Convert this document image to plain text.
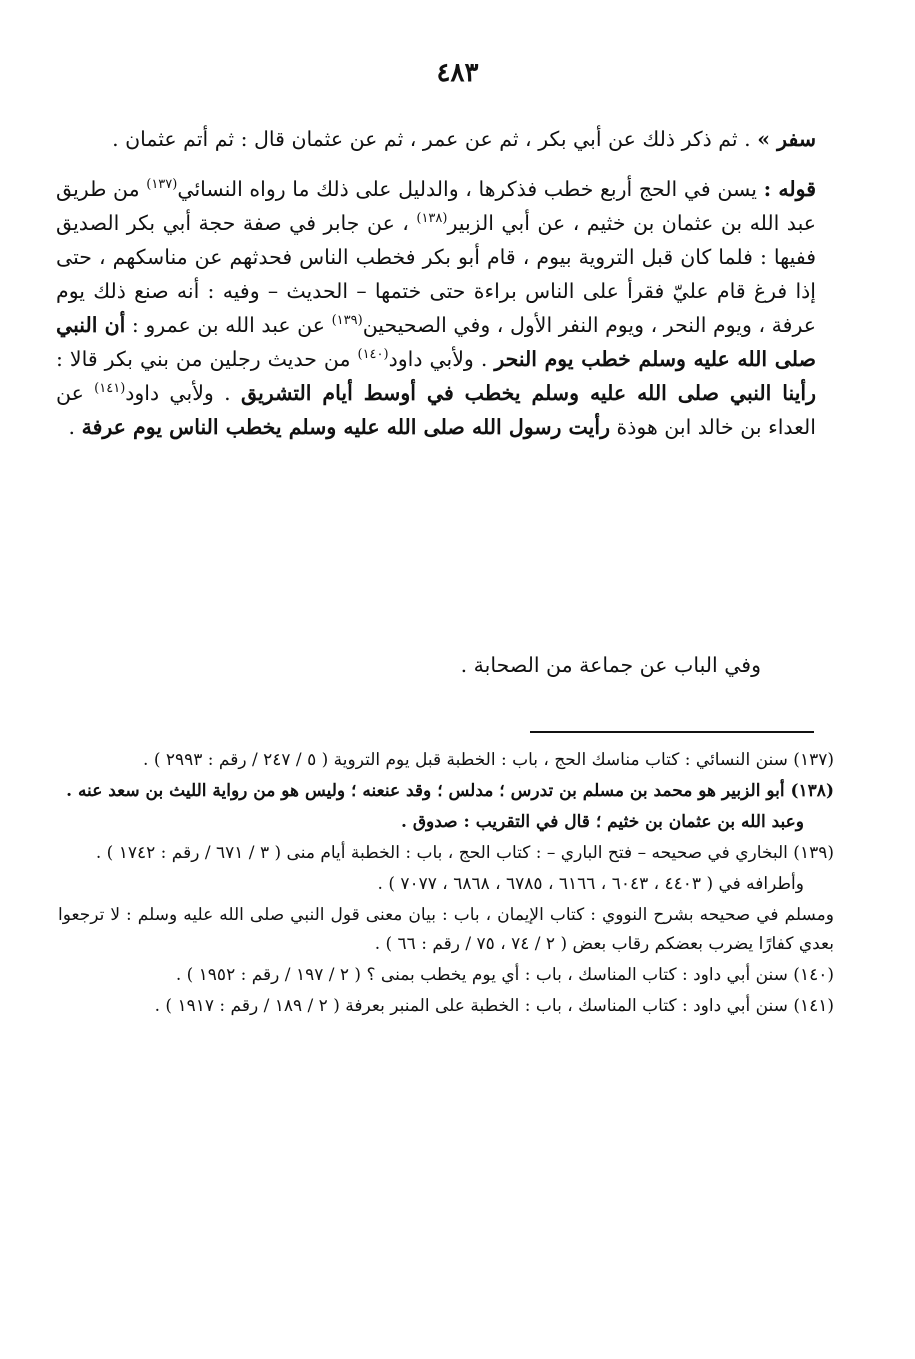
٤٨٣

سفر » . ثم ذكر ذلك عن أبي بكر ، ثم عن عمر ، ثم عن عثمان قال : ثم أتم عثمان .

قوله : يسن في الحج أربع خطب فذكرها ، والدليل على ذلك ما رواه النسائي$^{(١٣٧)}$ من طريق عبد الله بن عثمان بن خثيم ، عن أبي الزبير$^{(١٣٨)}$ ، عن جابر في صفة حجة أبي بكر الصديق ففيها : فلما كان قبل التروية بيوم ، قام أبو بكر فخطب الناس فحدثهم عن مناسكهم ، حتى إذا فرغ قام عليّ فقرأ على الناس براءة حتى ختمها – الحديث – وفيه : أنه صنع ذلك يوم عرفة ، ويوم النحر ، ويوم النفر الأول ، وفي الصحيحين$^{(١٣٩)}$ عن عبد الله بن عمرو : أن النبي صلى الله عليه وسلم خطب يوم النحر . ولأبي داود$^{(١٤٠)}$ من حديث رجلين من بني بكر قالا : رأينا النبي صلى الله عليه وسلم يخطب في أوسط أيام التشريق . ولأبي داود$^{(١٤١)}$ عن العداء بن خالد ابن هوذة رأيت رسول الله صلى الله عليه وسلم يخطب الناس يوم عرفة .

وفي الباب عن جماعة من الصحابة .

(١٣٧) سنن النسائي : كتاب مناسك الحج ، باب : الخطبة قبل يوم التروية ( ٥ / ٢٤٧ / رقم : ٢٩٩٣ ) .

(١٣٨) أبو الزبير هو محمد بن مسلم بن تدرس ؛ مدلس ؛ وقد عنعنه ؛ وليس هو من رواية الليث بن سعد عنه .

وعبد الله بن عثمان بن خثيم ؛ قال في التقريب : صدوق .

(١٣٩) البخاري في صحيحه – فتح الباري – : كتاب الحج ، باب : الخطبة أيام منى ( ٣ / ٦٧١ / رقم : ١٧٤٢ ) .

وأطرافه في ( ٤٤٠٣ ، ٦٠٤٣ ، ٦١٦٦ ، ٦٧٨٥ ، ٦٨٦٨ ، ٧٠٧٧ ) .

ومسلم في صحيحه بشرح النووي : كتاب الإيمان ، باب : بيان معنى قول النبي صلى الله عليه وسلم : لا ترجعوا بعدي كفارًا يضرب بعضكم رقاب بعض ( ٢ / ٧٤ ، ٧٥ / رقم : ٦٦ ) .

(١٤٠) سنن أبي داود : كتاب المناسك ، باب : أي يوم يخطب بمنى ؟ ( ٢ / ١٩٧ / رقم : ١٩٥٢ ) .

(١٤١) سنن أبي داود : كتاب المناسك ، باب : الخطبة على المنبر بعرفة ( ٢ / ١٨٩ / رقم : ١٩١٧ ) .
